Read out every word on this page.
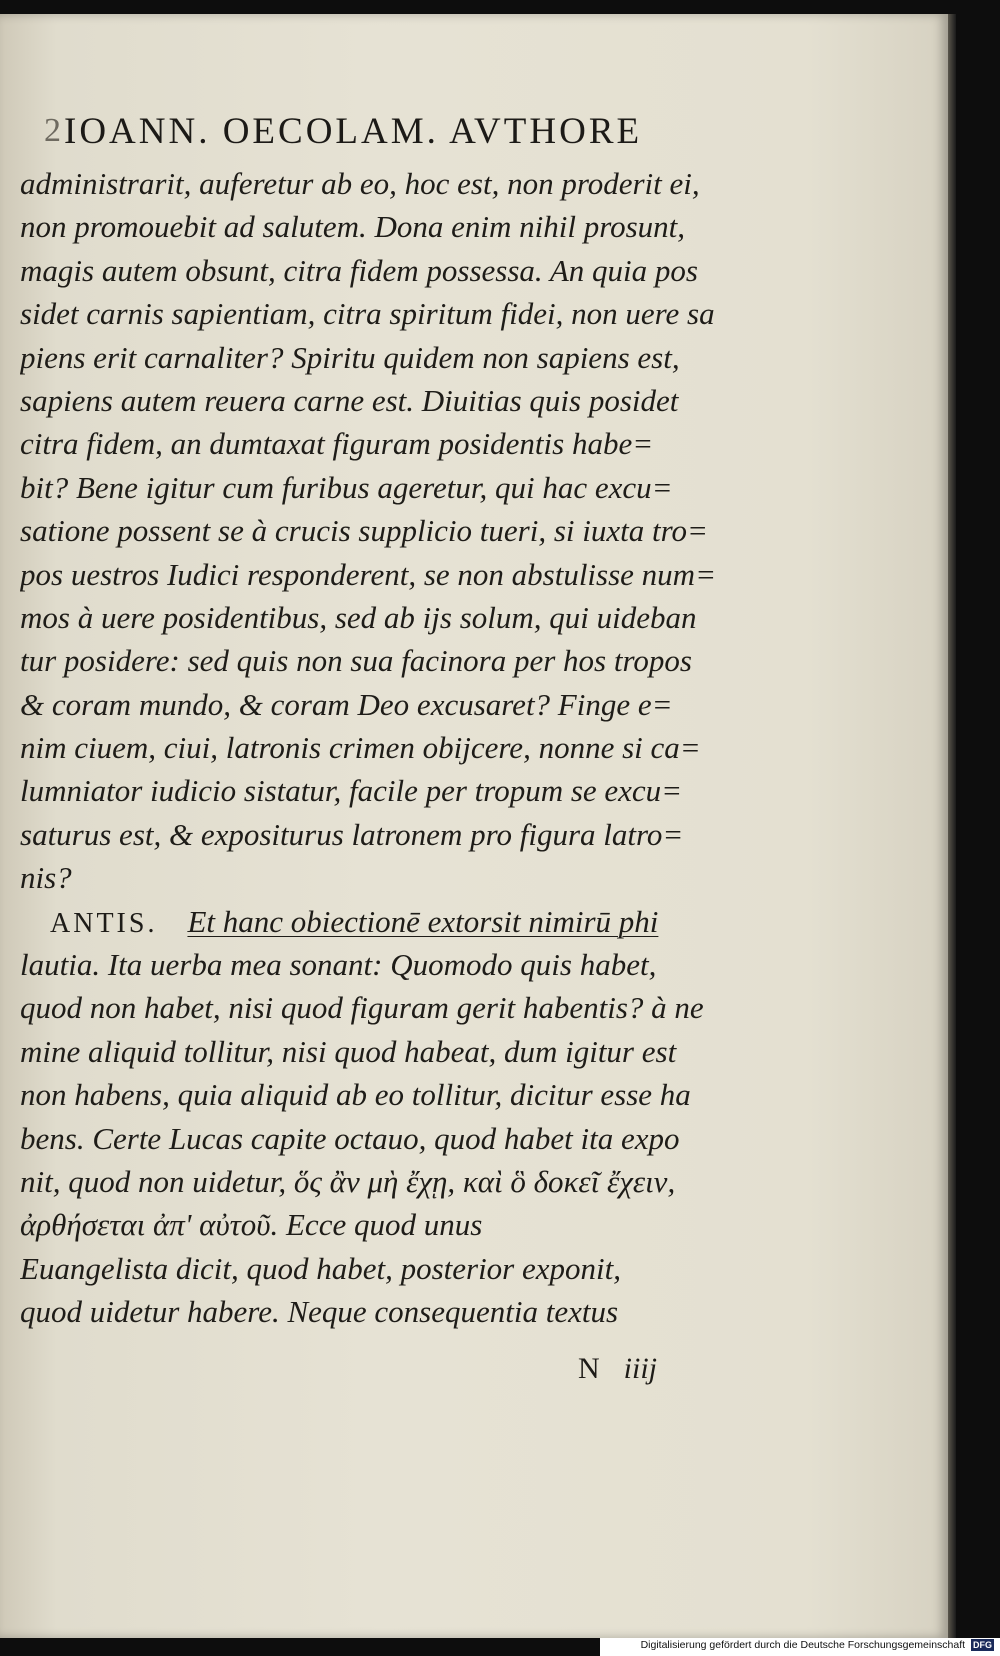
2 IOANN. OECOLAM. AVTHORE
administrarit, auferetur ab eo, hoc est, non proderit ei,
non promouebit ad salutem. Dona enim nihil prosunt,
magis autem obsunt, citra fidem possessa. An quia pos
sidet carnis sapientiam, citra spiritum fidei, non uere sa
piens erit carnaliter? Spiritu quidem non sapiens est,
sapiens autem reuera carne est. Diuitias quis posidet
citra fidem, an dumtaxat figuram posidentis habe=
bit? Bene igitur cum furibus ageretur, qui hac excu=
satione possent se à crucis supplicio tueri, si iuxta tro=
pos uestros Iudici responderent, se non abstulisse num=
mos à uere posidentibus, sed ab ijs solum, qui uideban
tur posidere: sed quis non sua facinora per hos tropos
& coram mundo, & coram Deo excusaret? Finge e=
nim ciuem, ciui, latronis crimen obijcere, nonne si ca=
lumniator iudicio sistatur, facile per tropum se excu=
saturus est, & expositurus latronem pro figura latro=
nis?
ANTIS. Et hanc obiectionē extorsit nimirū phi
lautia. Ita uerba mea sonant: Quomodo quis habet,
quod non habet, nisi quod figuram gerit habentis? à ne
mine aliquid tollitur, nisi quod habeat, dum igitur est
non habens, quia aliquid ab eo tollitur, dicitur esse ha
bens. Certe Lucas capite octauo, quod habet ita expo
nit, quod non uidetur, ὅς ἂν μὴ ἔχῃ, καὶ ὃ δοκεῖ ἔχειν,
ἀρθήσεται ἀπ' αὐτοῦ. Ecce quod unus
Euangelista dicit, quod habet, posterior exponit,
quod uidetur habere. Neque consequentia textus
N iiij
Digitalisierung gefördert durch die Deutsche Forschungsgemeinschaft DFG
